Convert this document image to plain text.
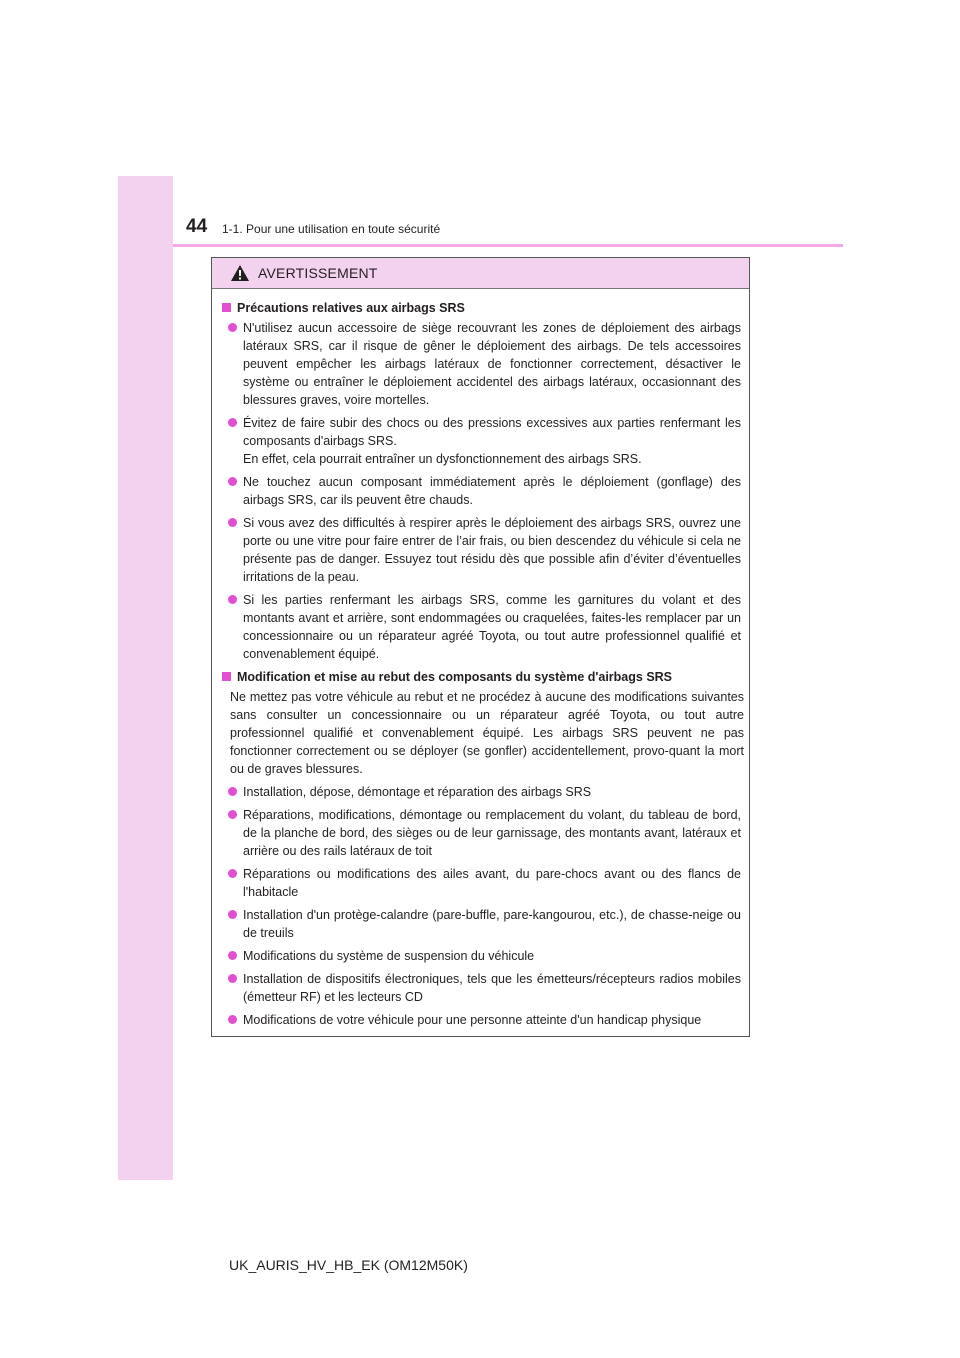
44 1-1. Pour une utilisation en toute sécurité
AVERTISSEMENT
Précautions relatives aux airbags SRS
N'utilisez aucun accessoire de siège recouvrant les zones de déploiement des airbags latéraux SRS, car il risque de gêner le déploiement des airbags. De tels accessoires peuvent empêcher les airbags latéraux de fonctionner correctement, désactiver le système ou entraîner le déploiement accidentel des airbags latéraux, occasionnant des blessures graves, voire mortelles.
Évitez de faire subir des chocs ou des pressions excessives aux parties renfermant les composants d'airbags SRS.
En effet, cela pourrait entraîner un dysfonctionnement des airbags SRS.
Ne touchez aucun composant immédiatement après le déploiement (gonflage) des airbags SRS, car ils peuvent être chauds.
Si vous avez des difficultés à respirer après le déploiement des airbags SRS, ouvrez une porte ou une vitre pour faire entrer de l’air frais, ou bien descendez du véhicule si cela ne présente pas de danger. Essuyez tout résidu dès que possible afin d’éviter d’éventuelles irritations de la peau.
Si les parties renfermant les airbags SRS, comme les garnitures du volant et des montants avant et arrière, sont endommagées ou craquelées, faites-les remplacer par un concessionnaire ou un réparateur agréé Toyota, ou tout autre professionnel qualifié et convenablement équipé.
Modification et mise au rebut des composants du système d'airbags SRS
Ne mettez pas votre véhicule au rebut et ne procédez à aucune des modifications suivantes sans consulter un concessionnaire ou un réparateur agréé Toyota, ou tout autre professionnel qualifié et convenablement équipé. Les airbags SRS peuvent ne pas fonctionner correctement ou se déployer (se gonfler) accidentellement, provo-quant la mort ou de graves blessures.
Installation, dépose, démontage et réparation des airbags SRS
Réparations, modifications, démontage ou remplacement du volant, du tableau de bord, de la planche de bord, des sièges ou de leur garnissage, des montants avant, latéraux et arrière ou des rails latéraux de toit
Réparations ou modifications des ailes avant, du pare-chocs avant ou des flancs de l'habitacle
Installation d'un protège-calandre (pare-buffle, pare-kangourou, etc.), de chasse-neige ou de treuils
Modifications du système de suspension du véhicule
Installation de dispositifs électroniques, tels que les émetteurs/récepteurs radios mobiles (émetteur RF) et les lecteurs CD
Modifications de votre véhicule pour une personne atteinte d'un handicap physique
UK_AURIS_HV_HB_EK (OM12M50K)
